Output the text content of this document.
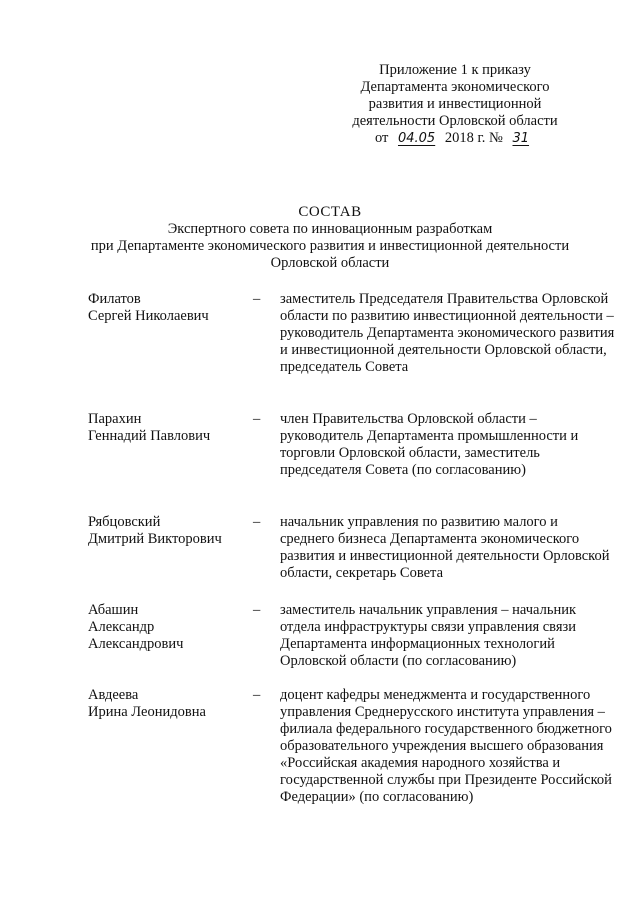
Приложение 1 к приказу
Департамента экономического
развития и инвестиционной
деятельности Орловской области
от 04.05 2018 г. № 31
СОСТАВ
Экспертного совета по инновационным разработкам
при Департаменте экономического развития и инвестиционной деятельности
Орловской области
Филатов
Сергей Николаевич
– заместитель Председателя Правительства Орловской области по развитию инвестиционной деятельности – руководитель Департамента экономического развития и инвестиционной деятельности Орловской области, председатель Совета
Парахин
Геннадий Павлович
– член Правительства Орловской области – руководитель Департамента промышленности и торговли Орловской области, заместитель председателя Совета (по согласованию)
Рябцовский
Дмитрий Викторович
– начальник управления по развитию малого и среднего бизнеса Департамента экономического развития и инвестиционной деятельности Орловской области, секретарь Совета
Абашин
Александр
Александрович
– заместитель начальник управления – начальник отдела инфраструктуры связи управления связи Департамента информационных технологий Орловской области (по согласованию)
Авдеева
Ирина Леонидовна
– доцент кафедры менеджмента и государственного управления Среднерусского института управления – филиала федерального государственного бюджетного образовательного учреждения высшего образования «Российская академия народного хозяйства и государственной службы при Президенте Российской Федерации» (по согласованию)
